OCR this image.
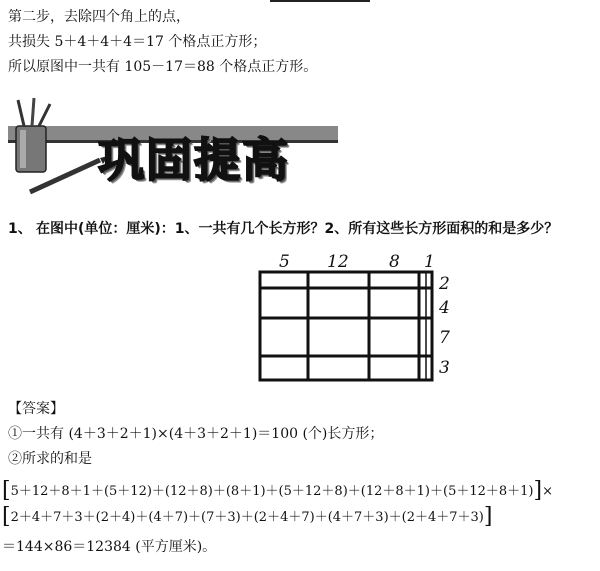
第二步，去除四个角上的点，
共损失 5＋4＋4＋4＝17 个格点正方形；
所以原图中一共有 105－17＝88 个格点正方形。
巩固提高
1、 在图中(单位：厘米)：1、一共有几个长方形？2、所有这些长方形面积的和是多少？
5 12 8 1
2
4
7
3
【答案】
①一共有 (4＋3＋2＋1)×(4＋3＋2＋1)＝100 (个)长方形；
②所求的和是
[5＋12＋8＋1＋(5＋12)＋(12＋8)＋(8＋1)＋(5＋12＋8)＋(12＋8＋1)＋(5＋12＋8＋1)]×
[2＋4＋7＋3＋(2＋4)＋(4＋7)＋(7＋3)＋(2＋4＋7)＋(4＋7＋3)＋(2＋4＋7＋3)]
＝144×86＝12384 (平方厘米)。
